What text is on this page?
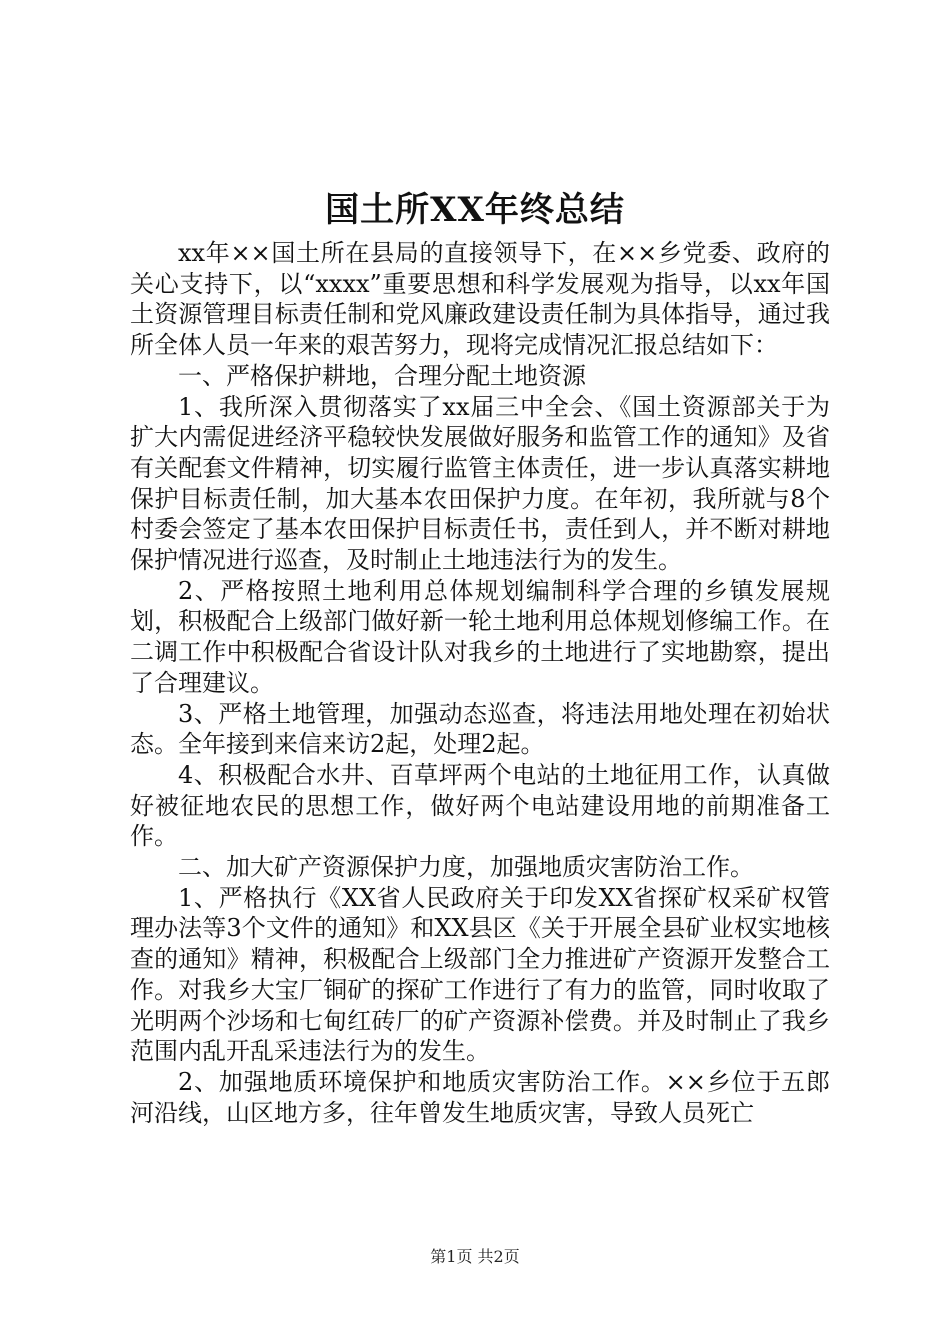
国土所XX年终总结

xx年××国土所在县局的直接领导下，在××乡党委、政府的关心支持下，以“xxxx”重要思想和科学发展观为指导，以xx年国土资源管理目标责任制和党风廉政建设责任制为具体指导，通过我所全体人员一年来的艰苦努力，现将完成情况汇报总结如下：

一、严格保护耕地，合理分配土地资源

1、我所深入贯彻落实了xx届三中全会、《国土资源部关于为扩大内需促进经济平稳较快发展做好服务和监管工作的通知》及省有关配套文件精神，切实履行监管主体责任，进一步认真落实耕地保护目标责任制，加大基本农田保护力度。在年初，我所就与8个村委会签定了基本农田保护目标责任书，责任到人，并不断对耕地保护情况进行巡查，及时制止土地违法行为的发生。

2、严格按照土地利用总体规划编制科学合理的乡镇发展规划，积极配合上级部门做好新一轮土地利用总体规划修编工作。在二调工作中积极配合省设计队对我乡的土地进行了实地勘察，提出了合理建议。

3、严格土地管理，加强动态巡查，将违法用地处理在初始状态。全年接到来信来访2起，处理2起。

4、积极配合水井、百草坪两个电站的土地征用工作，认真做好被征地农民的思想工作，做好两个电站建设用地的前期准备工作。

二、加大矿产资源保护力度，加强地质灾害防治工作。

1、严格执行《XX省人民政府关于印发XX省探矿权采矿权管理办法等3个文件的通知》和XX县区《关于开展全县矿业权实地核查的通知》精神，积极配合上级部门全力推进矿产资源开发整合工作。对我乡大宝厂铜矿的探矿工作进行了有力的监管，同时收取了光明两个沙场和七甸红砖厂的矿产资源补偿费。并及时制止了我乡范围内乱开乱采违法行为的发生。

2、加强地质环境保护和地质灾害防治工作。××乡位于五郎河沿线，山区地方多，往年曾发生地质灾害，导致人员死亡

第1页 共2页
